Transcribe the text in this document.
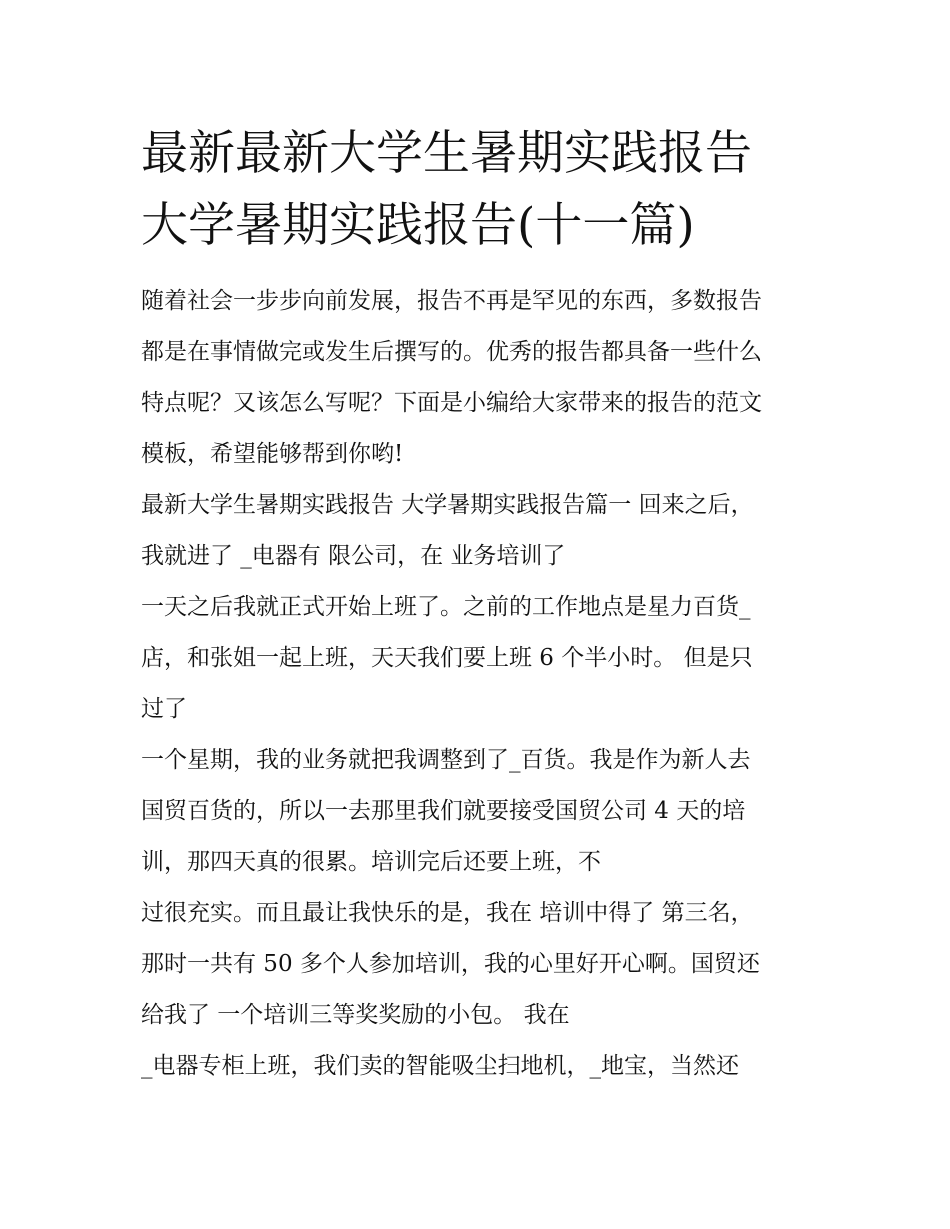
最新最新大学生暑期实践报告
大学暑期实践报告(十一篇)

随着社会一步步向前发展，报告不再是罕见的东西，多数报告

都是在事情做完或发生后撰写的。优秀的报告都具备一些什么

特点呢？又该怎么写呢？下面是小编给大家带来的报告的范文

模板，希望能够帮到你哟!

最新大学生暑期实践报告 大学暑期实践报告篇一 回来之后，

我就进了 _电器有 限公司，在 业务培训了

一天之后我就正式开始上班了。之前的工作地点是星力百货_

店，和张姐一起上班，天天我们要上班 6 个半小时。 但是只

过了

一个星期，我的业务就把我调整到了_百货。我是作为新人去

国贸百货的，所以一去那里我们就要接受国贸公司 4 天的培

训，那四天真的很累。培训完后还要上班，不

过很充实。而且最让我快乐的是，我在 培训中得了 第三名，

那时一共有 50 多个人参加培训，我的心里好开心啊。国贸还

给我了 一个培训三等奖奖励的小包。 我在

_电器专柜上班，我们卖的智能吸尘扫地机，_地宝，当然还
